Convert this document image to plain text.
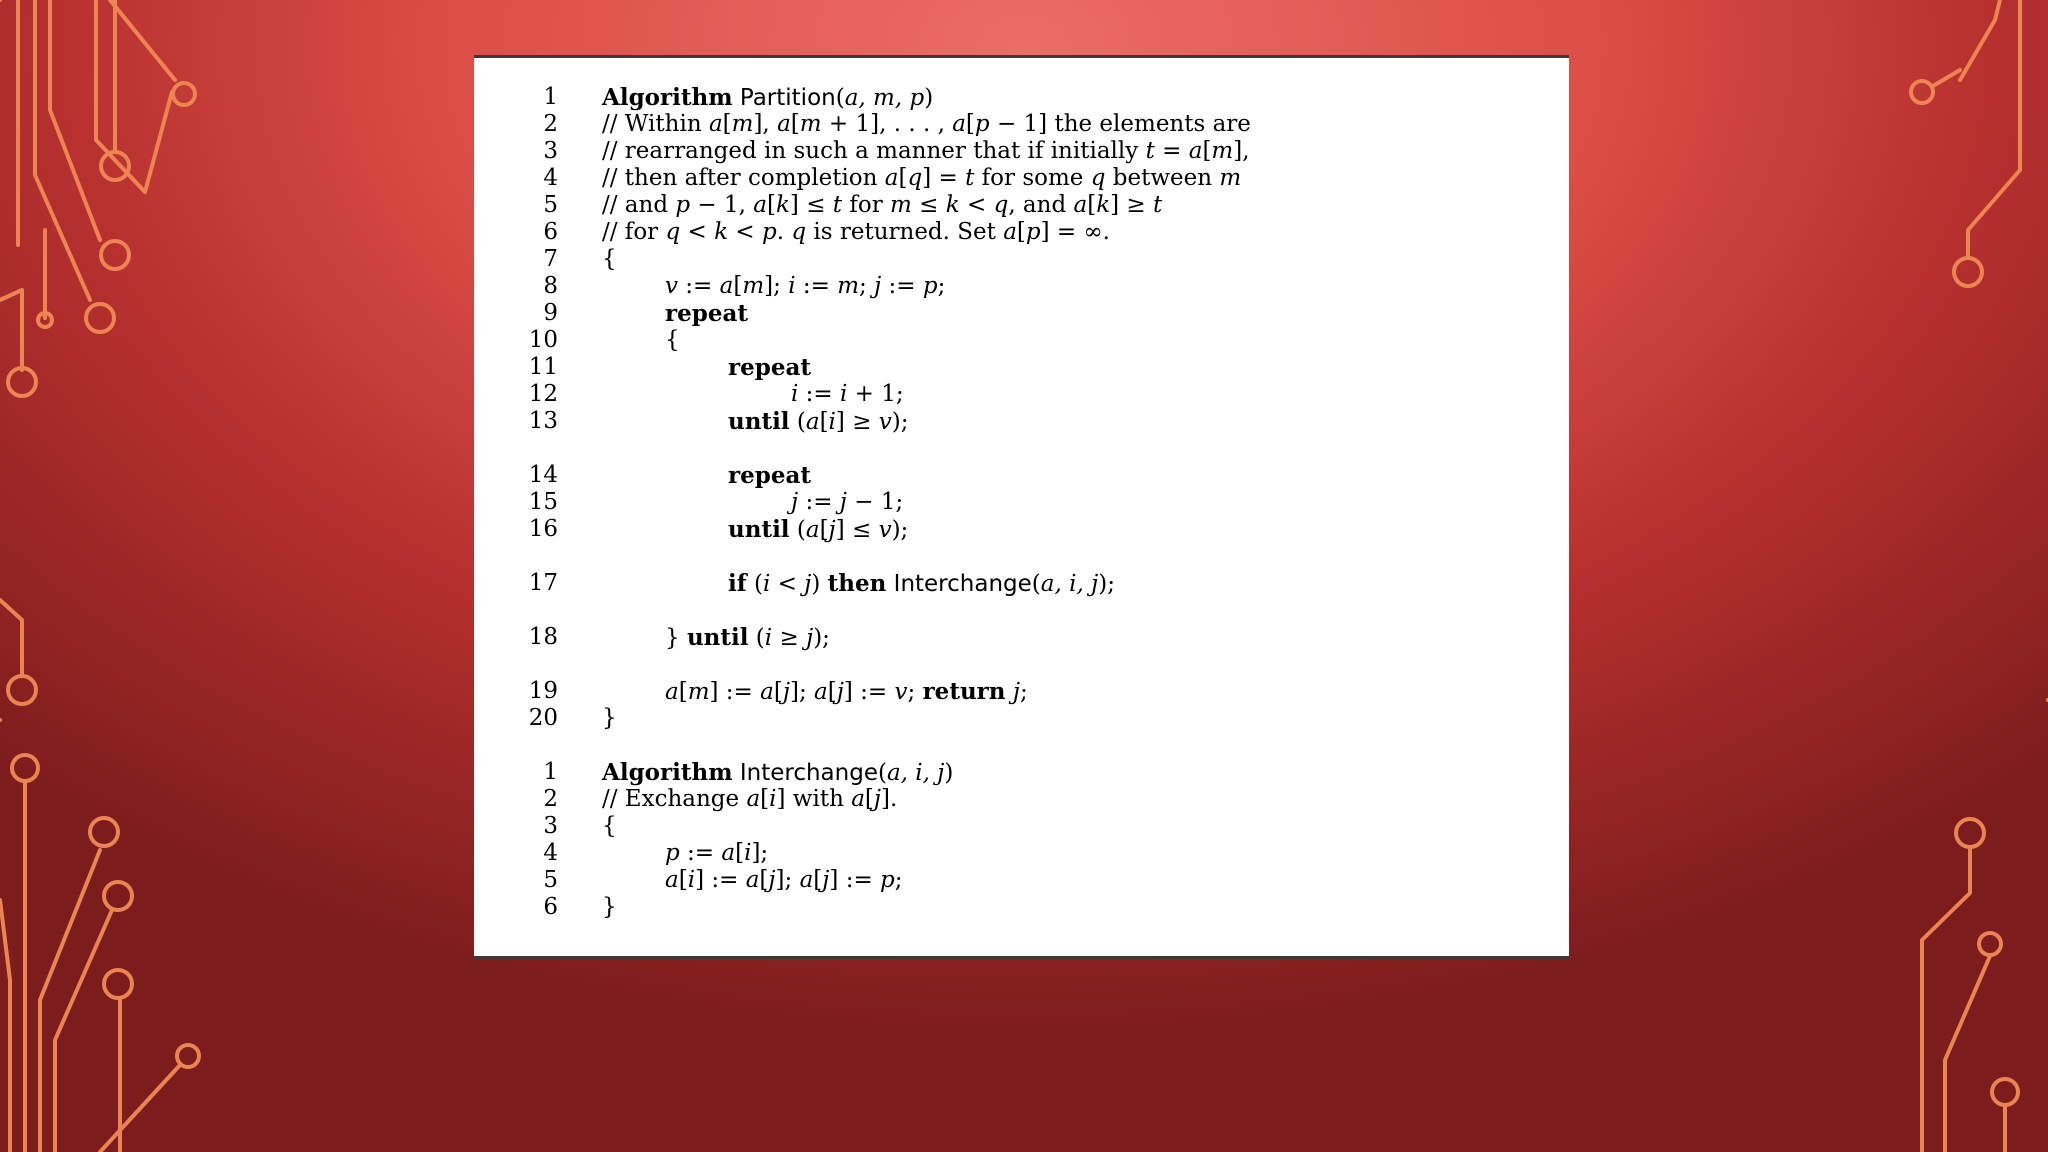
1 Algorithm Partition(a, m, p)
2 // Within a[m], a[m + 1], . . . , a[p − 1] the elements are
3 // rearranged in such a manner that if initially t = a[m],
4 // then after completion a[q] = t for some q between m
5 // and p − 1, a[k] ≤ t for m ≤ k < q, and a[k] ≥ t
6 // for q < k < p. q is returned. Set a[p] = ∞.
7 {
8	v := a[m]; i := m; j := p;
9	repeat
10	{
11	repeat
12	i := i + 1;
13	until (a[i] ≥ v);
14	repeat
15	j := j − 1;
16	until (a[j] ≤ v);
17	if (i < j) then Interchange(a, i, j);
18	} until (i ≥ j);
19	a[m] := a[j]; a[j] := v; return j;
20 }
1 Algorithm Interchange(a, i, j)
2 // Exchange a[i] with a[j].
3 {
4	p := a[i];
5	a[i] := a[j]; a[j] := p;
6 }
